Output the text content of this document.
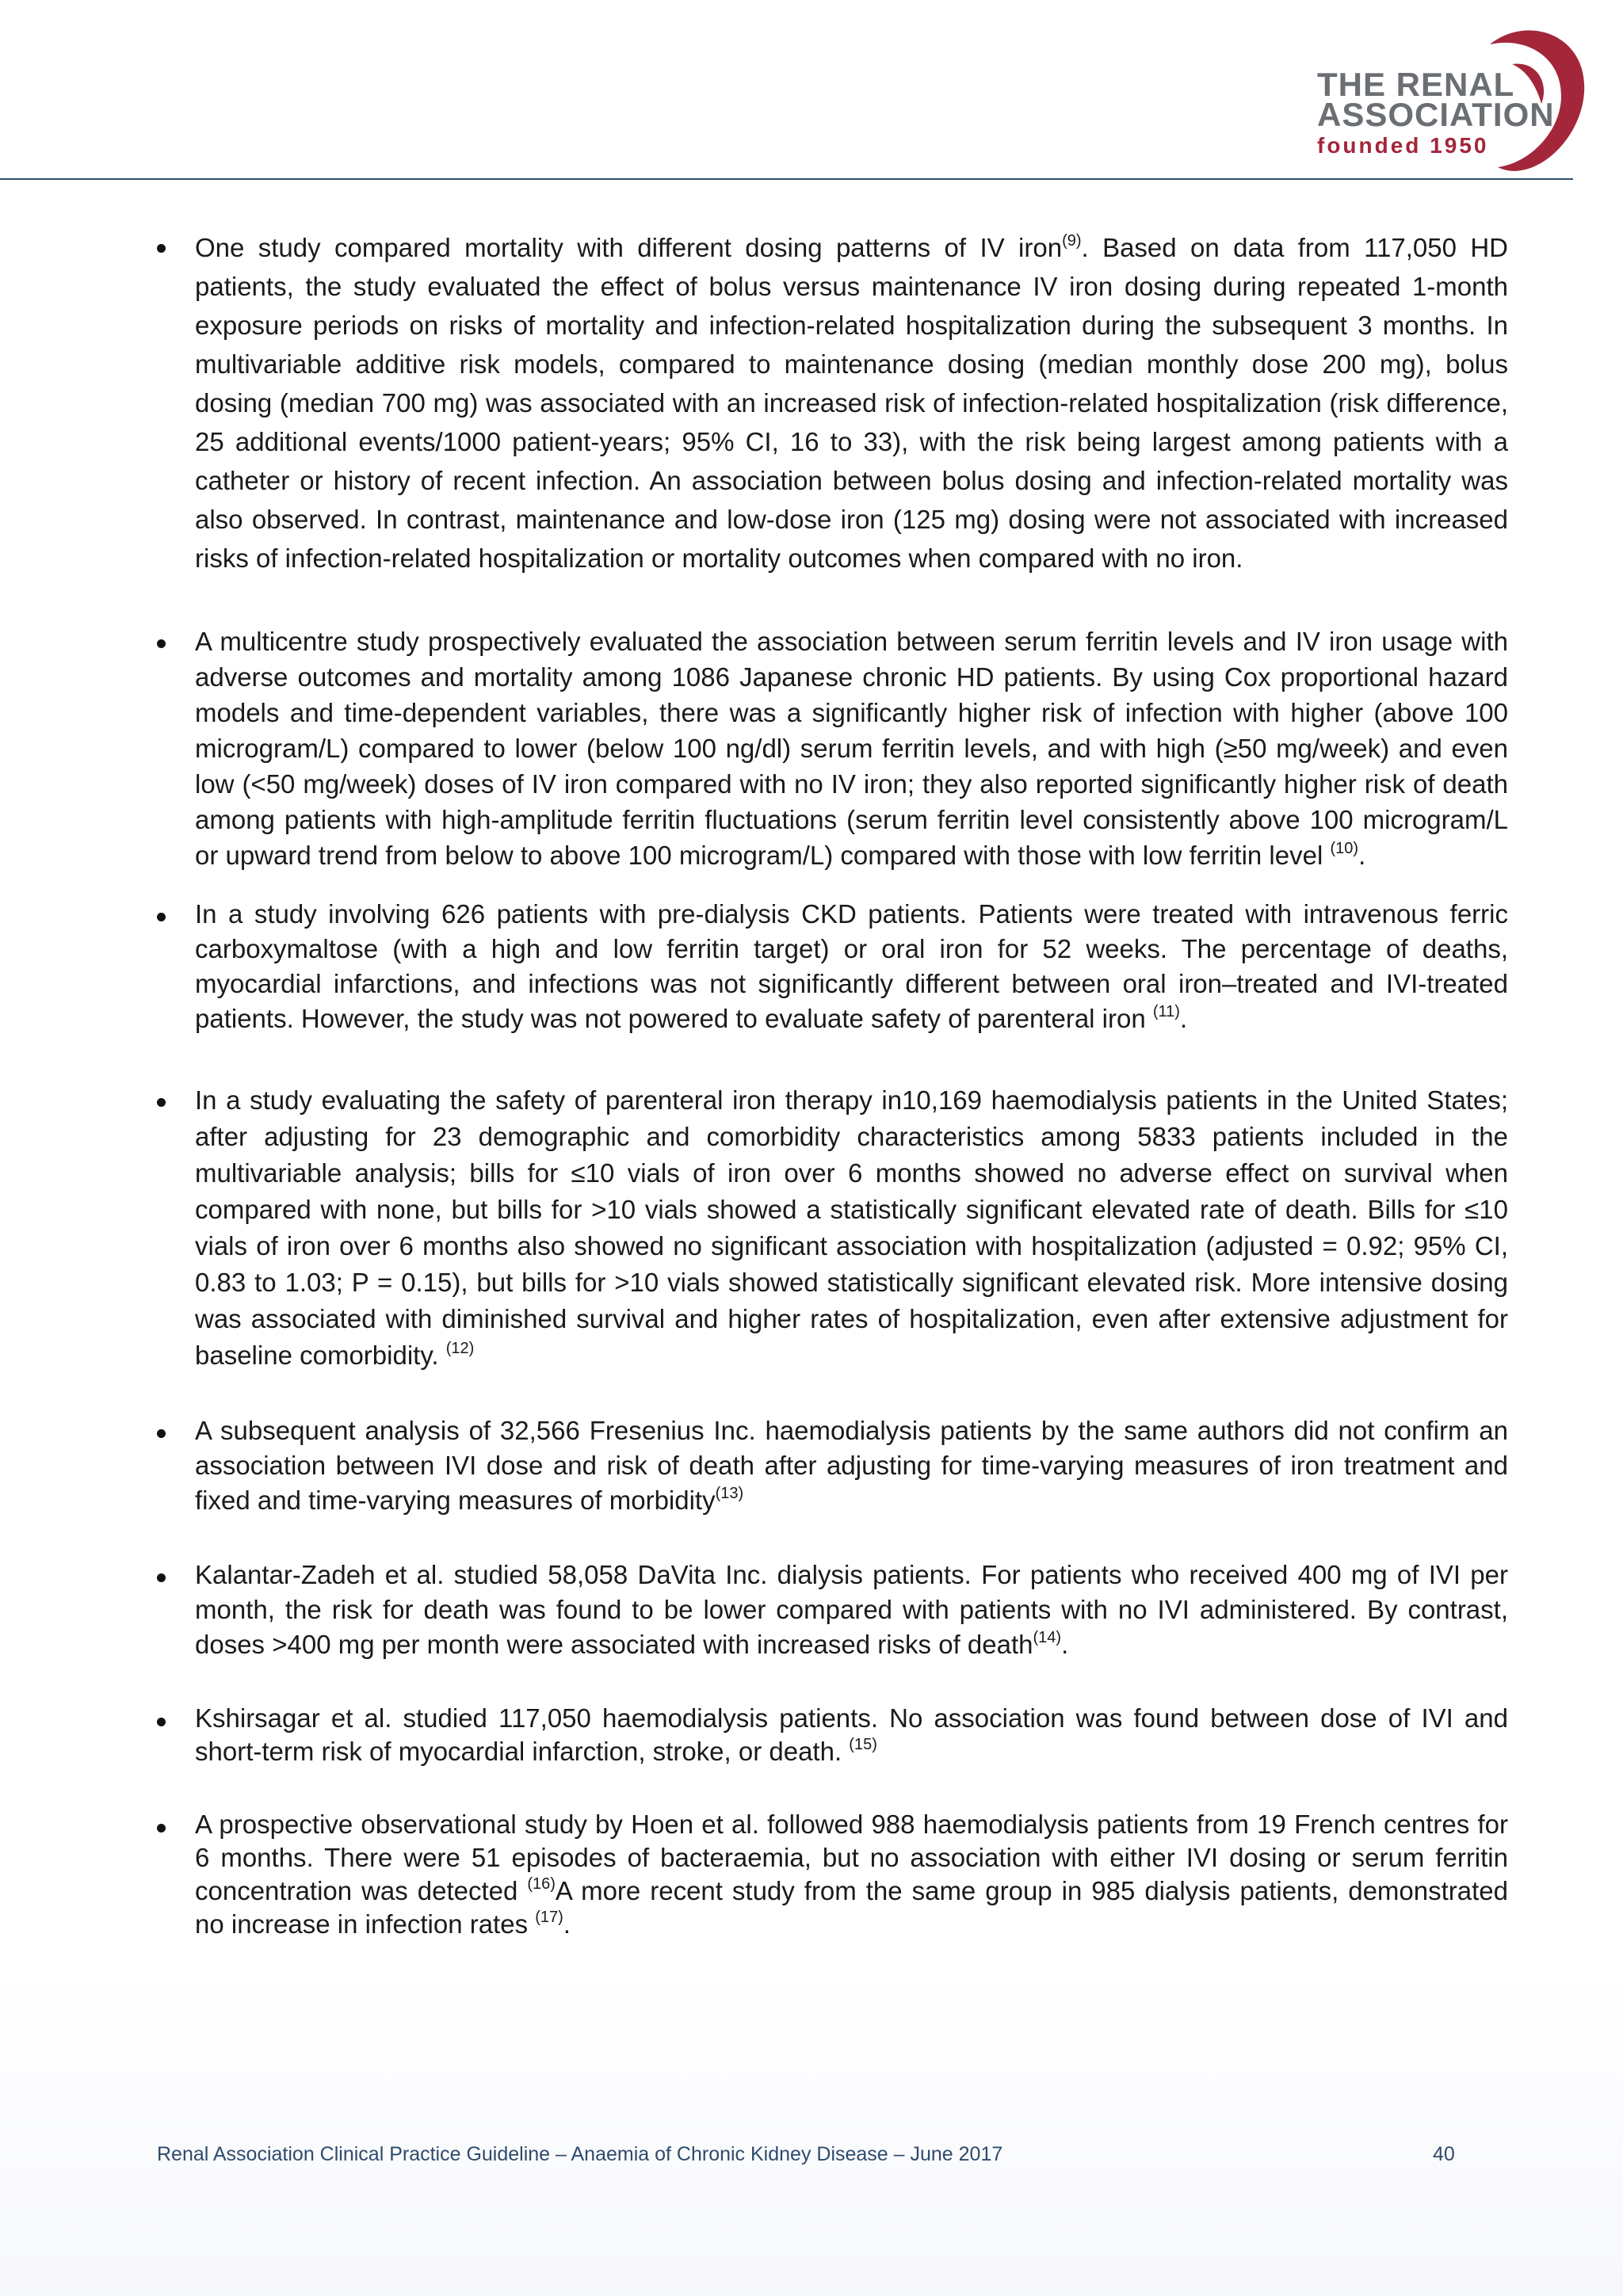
THE RENAL
ASSOCIATION
founded 1950
One study compared mortality with different dosing patterns of IV iron$^{(9)}$. Based on data from 117,050 HD patients, the study evaluated the effect of bolus versus maintenance IV iron dosing during repeated 1-month exposure periods on risks of mortality and infection-related hospitalization during the subsequent 3 months. In multivariable additive risk models, compared to maintenance dosing (median monthly dose 200 mg), bolus dosing (median 700 mg) was associated with an increased risk of infection-related hospitalization (risk difference, 25 additional events/1000 patient-years; 95% CI, 16 to 33), with the risk being largest among patients with a catheter or history of recent infection. An association between bolus dosing and infection-related mortality was also observed. In contrast, maintenance and low-dose iron (125 mg) dosing were not associated with increased risks of infection-related hospitalization or mortality outcomes when compared with no iron.
A multicentre study prospectively evaluated the association between serum ferritin levels and IV iron usage with adverse outcomes and mortality among 1086 Japanese chronic HD patients. By using Cox proportional hazard models and time-dependent variables, there was a significantly higher risk of infection with higher (above 100 microgram/L) compared to lower (below 100 ng/dl) serum ferritin levels, and with high (≥50 mg/week) and even low (<50 mg/week) doses of IV iron compared with no IV iron; they also reported significantly higher risk of death among patients with high-amplitude ferritin fluctuations (serum ferritin level consistently above 100 microgram/L or upward trend from below to above 100 microgram/L) compared with those with low ferritin level $^{(10)}$.
In a study involving 626 patients with pre-dialysis CKD patients. Patients were treated with intravenous ferric carboxymaltose (with a high and low ferritin target) or oral iron for 52 weeks. The percentage of deaths, myocardial infarctions, and infections was not significantly different between oral iron–treated and IVI-treated patients. However, the study was not powered to evaluate safety of parenteral iron $^{(11)}$.
In a study evaluating the safety of parenteral iron therapy in10,169 haemodialysis patients in the United States; after adjusting for 23 demographic and comorbidity characteristics among 5833 patients included in the multivariable analysis; bills for ≤10 vials of iron over 6 months showed no adverse effect on survival when compared with none, but bills for >10 vials showed a statistically significant elevated rate of death. Bills for ≤10 vials of iron over 6 months also showed no significant association with hospitalization (adjusted = 0.92; 95% CI, 0.83 to 1.03; P = 0.15), but bills for >10 vials showed statistically significant elevated risk. More intensive dosing was associated with diminished survival and higher rates of hospitalization, even after extensive adjustment for baseline comorbidity. $^{(12)}$
A subsequent analysis of 32,566 Fresenius Inc. haemodialysis patients by the same authors did not confirm an association between IVI dose and risk of death after adjusting for time-varying measures of iron treatment and fixed and time-varying measures of morbidity$^{(13)}$
Kalantar-Zadeh et al. studied 58,058 DaVita Inc. dialysis patients. For patients who received 400 mg of IVI per month, the risk for death was found to be lower compared with patients with no IVI administered. By contrast, doses >400 mg per month were associated with increased risks of death$^{(14)}$.
Kshirsagar et al. studied 117,050 haemodialysis patients. No association was found between dose of IVI and short-term risk of myocardial infarction, stroke, or death. $^{(15)}$
A prospective observational study by Hoen et al. followed 988 haemodialysis patients from 19 French centres for 6 months. There were 51 episodes of bacteraemia, but no association with either IVI dosing or serum ferritin concentration was detected $^{(16)}$A more recent study from the same group in 985 dialysis patients, demonstrated no increase in infection rates $^{(17)}$.
Renal Association Clinical Practice Guideline – Anaemia of Chronic Kidney Disease – June 2017	40
